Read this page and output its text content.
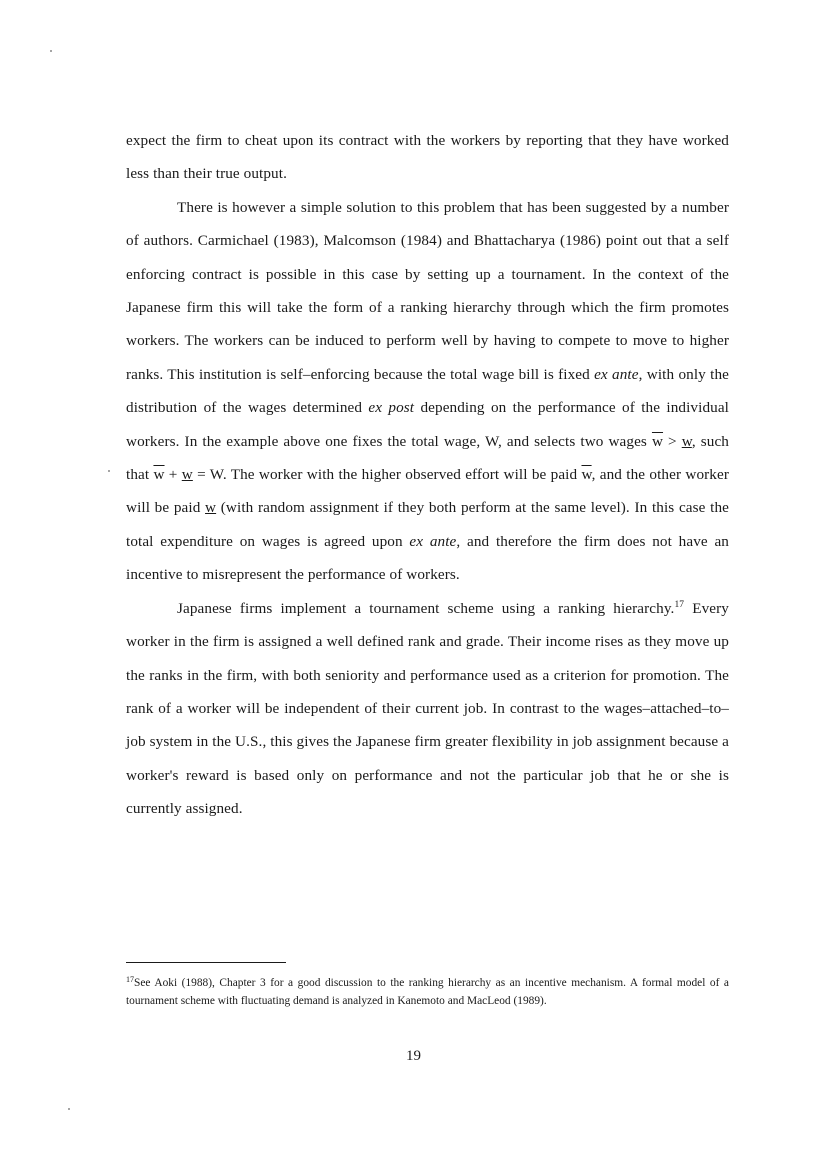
expect the firm to cheat upon its contract with the workers by reporting that they have worked less than their true output.

There is however a simple solution to this problem that has been suggested by a number of authors. Carmichael (1983), Malcomson (1984) and Bhattacharya (1986) point out that a self enforcing contract is possible in this case by setting up a tournament. In the context of the Japanese firm this will take the form of a ranking hierarchy through which the firm promotes workers. The workers can be induced to perform well by having to compete to move to higher ranks. This institution is self–enforcing because the total wage bill is fixed ex ante, with only the distribution of the wages determined ex post depending on the performance of the individual workers. In the example above one fixes the total wage, W, and selects two wages $\overline{w} > w$, such that $\overline{w} + w = W$. The worker with the higher observed effort will be paid $\overline{w}$, and the other worker will be paid w (with random assignment if they both perform at the same level). In this case the total expenditure on wages is agreed upon ex ante, and therefore the firm does not have an incentive to misrepresent the performance of workers.

Japanese firms implement a tournament scheme using a ranking hierarchy.$^{17}$ Every worker in the firm is assigned a well defined rank and grade. Their income rises as they move up the ranks in the firm, with both seniority and performance used as a criterion for promotion. The rank of a worker will be independent of their current job. In contrast to the wages–attached–to–job system in the U.S., this gives the Japanese firm greater flexibility in job assignment because a worker's reward is based only on performance and not the particular job that he or she is currently assigned.

$^{17}$See Aoki (1988), Chapter 3 for a good discussion to the ranking hierarchy as an incentive mechanism. A formal model of a tournament scheme with fluctuating demand is analyzed in Kanemoto and MacLeod (1989).
19
